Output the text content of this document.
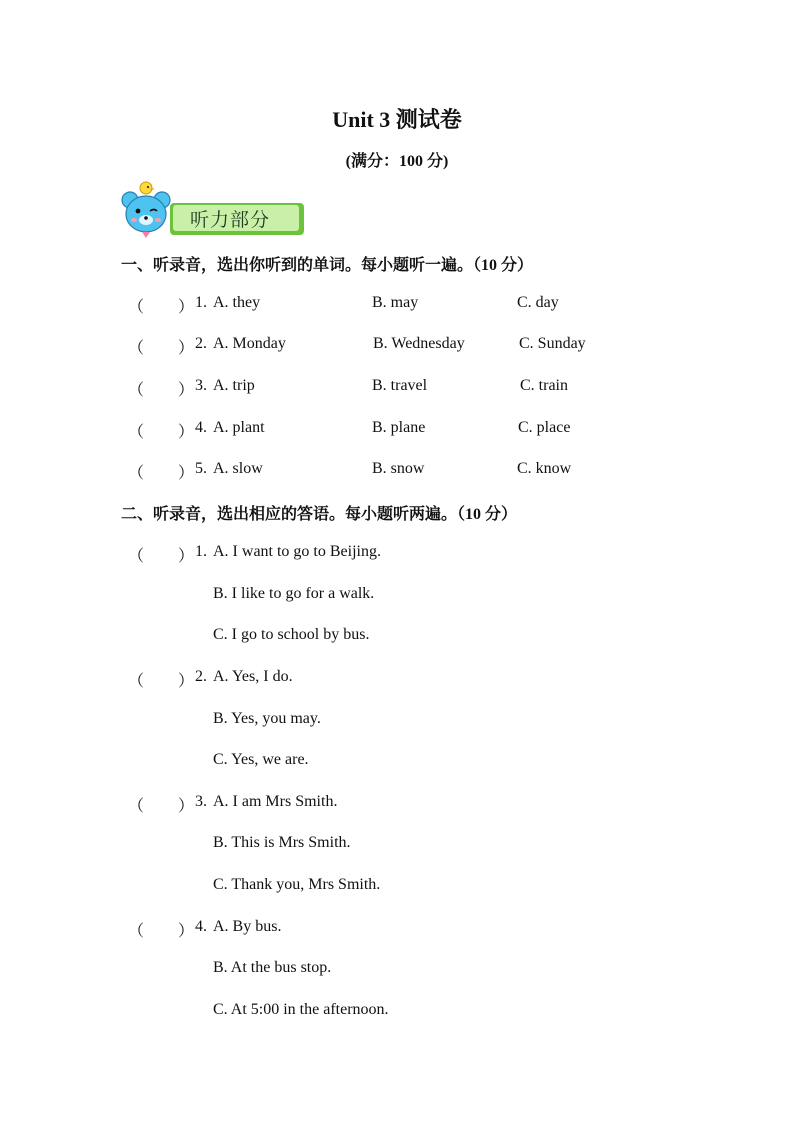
Unit 3 测试卷
(满分：100 分)
听力部分
一、听录音，选出你听到的单词。每小题听一遍。（10 分）
（ ） 1. A. they	B. may	C. day
（ ） 2. A. Monday	B. Wednesday	C. Sunday
（ ） 3. A. trip	B. travel	C. train
（ ） 4. A. plant	B. plane	C. place
（ ） 5. A. slow	B. snow	C. know
二、听录音，选出相应的答语。每小题听两遍。（10 分）
（ ） 1. A. I want to go to Beijing.
B. I like to go for a walk.
C. I go to school by bus.
（ ） 2. A. Yes, I do.
B. Yes, you may.
C. Yes, we are.
（ ） 3. A. I am Mrs Smith.
B. This is Mrs Smith.
C. Thank you, Mrs Smith.
（ ） 4. A. By bus.
B. At the bus stop.
C. At 5:00 in the afternoon.
